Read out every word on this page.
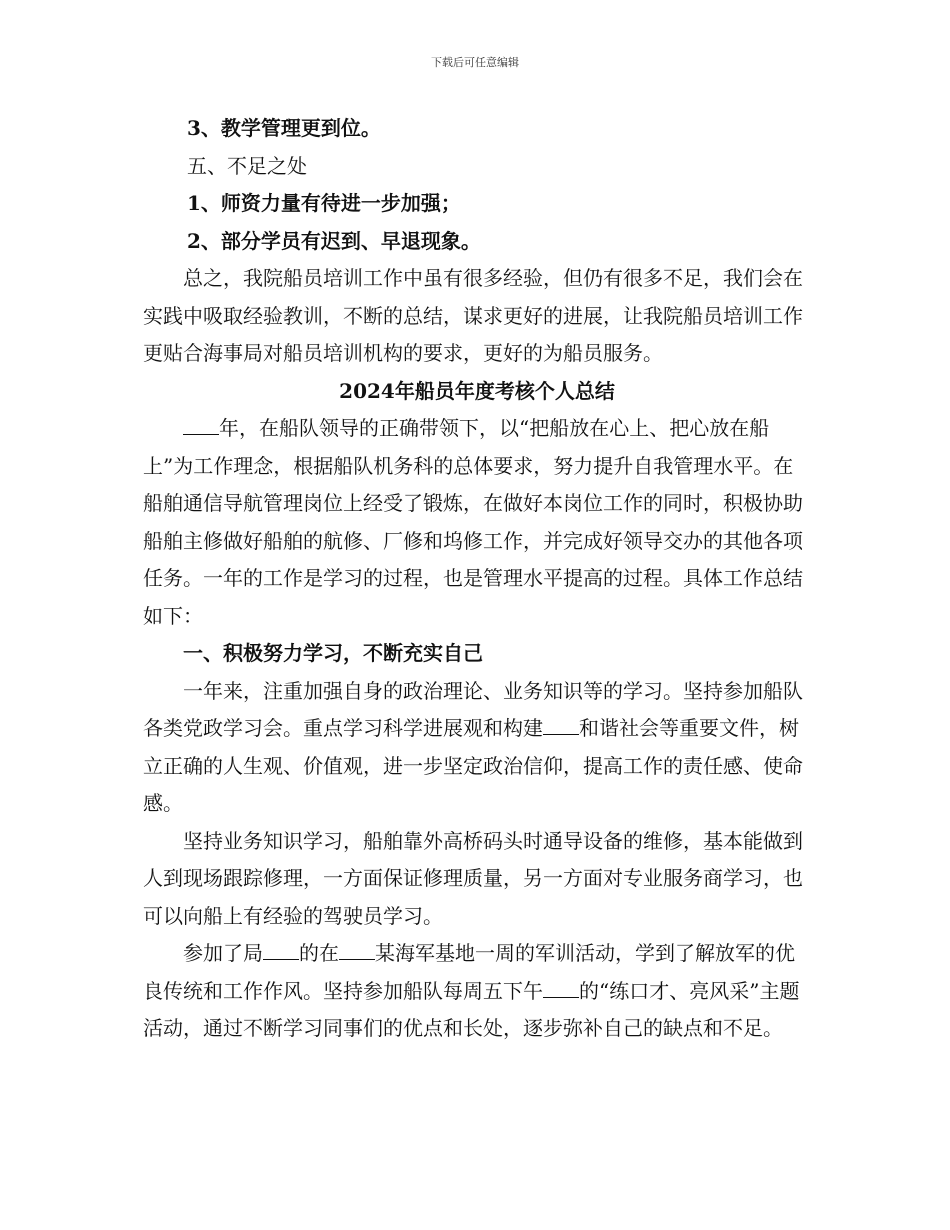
下载后可任意编辑

3、教学管理更到位。

五、不足之处

1、师资力量有待进一步加强；

2、部分学员有迟到、早退现象。

总之，我院船员培训工作中虽有很多经验，但仍有很多不足，我们会在实践中吸取经验教训，不断的总结，谋求更好的进展，让我院船员培训工作更贴合海事局对船员培训机构的要求，更好的为船员服务。

2024年船员年度考核个人总结

年，在船队领导的正确带领下，以“把船放在心上、把心放在船上”为工作理念，根据船队机务科的总体要求，努力提升自我管理水平。在船舶通信导航管理岗位上经受了锻炼，在做好本岗位工作的同时，积极协助船舶主修做好船舶的航修、厂修和坞修工作，并完成好领导交办的其他各项任务。一年的工作是学习的过程，也是管理水平提高的过程。具体工作总结如下：

一、积极努力学习，不断充实自己

一年来，注重加强自身的政治理论、业务知识等的学习。坚持参加船队各类党政学习会。重点学习科学进展观和构建 和谐社会等重要文件，树立正确的人生观、价值观，进一步坚定政治信仰，提高工作的责任感、使命感。

坚持业务知识学习，船舶靠外高桥码头时通导设备的维修，基本能做到人到现场跟踪修理，一方面保证修理质量，另一方面对专业服务商学习，也可以向船上有经验的驾驶员学习。

参加了局 的在 某海军基地一周的军训活动，学到了解放军的优良传统和工作作风。坚持参加船队每周五下午 的“练口才、亮风采”主题活动，通过不断学习同事们的优点和长处，逐步弥补自己的缺点和不足。
